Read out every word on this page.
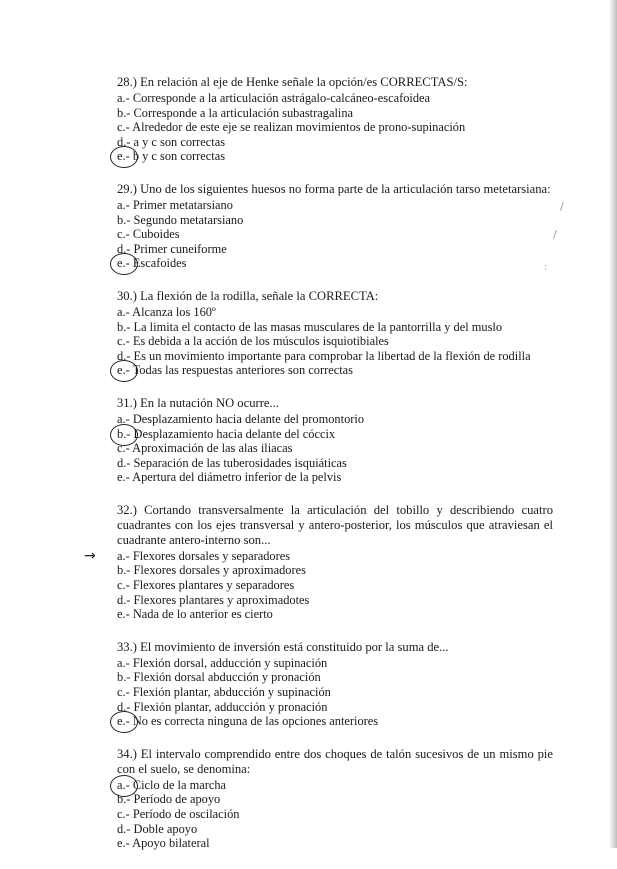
/
/
:
28.) En relación al eje de Henke señale la opción/es CORRECTAS/S:
a.- Corresponde a la articulación astrágalo-calcáneo-escafoidea
b.- Corresponde a la articulación subastragalina
c.- Alrededor de este eje se realizan movimientos de prono-supinación
d.- a y c son correctas
e.- b y c son correctas
29.) Uno de los siguientes huesos no forma parte de la articulación tarso metetarsiana:
a.- Primer metatarsiano
b.- Segundo metatarsiano
c.- Cuboides
d.- Primer cuneiforme
e.- Escafoides
30.) La flexión de la rodilla, señale la CORRECTA:
a.- Alcanza los 160º
b.- La limita el contacto de las masas musculares de la pantorrilla y del muslo
c.- Es debida a la acción de los músculos isquiotibiales
d.- Es un movimiento importante para comprobar la libertad de la flexión de rodilla
e.- Todas las respuestas anteriores son correctas
31.) En la nutación NO ocurre...
a.- Desplazamiento hacia delante del promontorio
b.- Desplazamiento hacia delante del cóccix
c.- Aproximación de las alas iliacas
d.- Separación de las tuberosidades isquiáticas
e.- Apertura del diámetro inferior de la pelvis
32.) Cortando transversalmente la articulación del tobillo y describiendo cuatro cuadrantes con los ejes transversal y antero-posterior, los músculos que atraviesan el cuadrante antero-interno son...
→ a.- Flexores dorsales y separadores
b.- Flexores dorsales y aproximadores
c.- Flexores plantares y separadores
d.- Flexores plantares y aproximadotes
e.- Nada de lo anterior es cierto
33.) El movimiento de inversión está constituido por la suma de...
a.- Flexión dorsal, adducción y supinación
b.- Flexión dorsal abducción y pronación
c.- Flexión plantar, abducción y supinación
d.- Flexión plantar, adducción y pronación
e.- No es correcta ninguna de las opciones anteriores
34.) El intervalo comprendido entre dos choques de talón sucesivos de un mismo pie con el suelo, se denomina:
a.- Ciclo de la marcha
b.- Período de apoyo
c.- Período de oscilación
d.- Doble apoyo
e.- Apoyo bilateral
